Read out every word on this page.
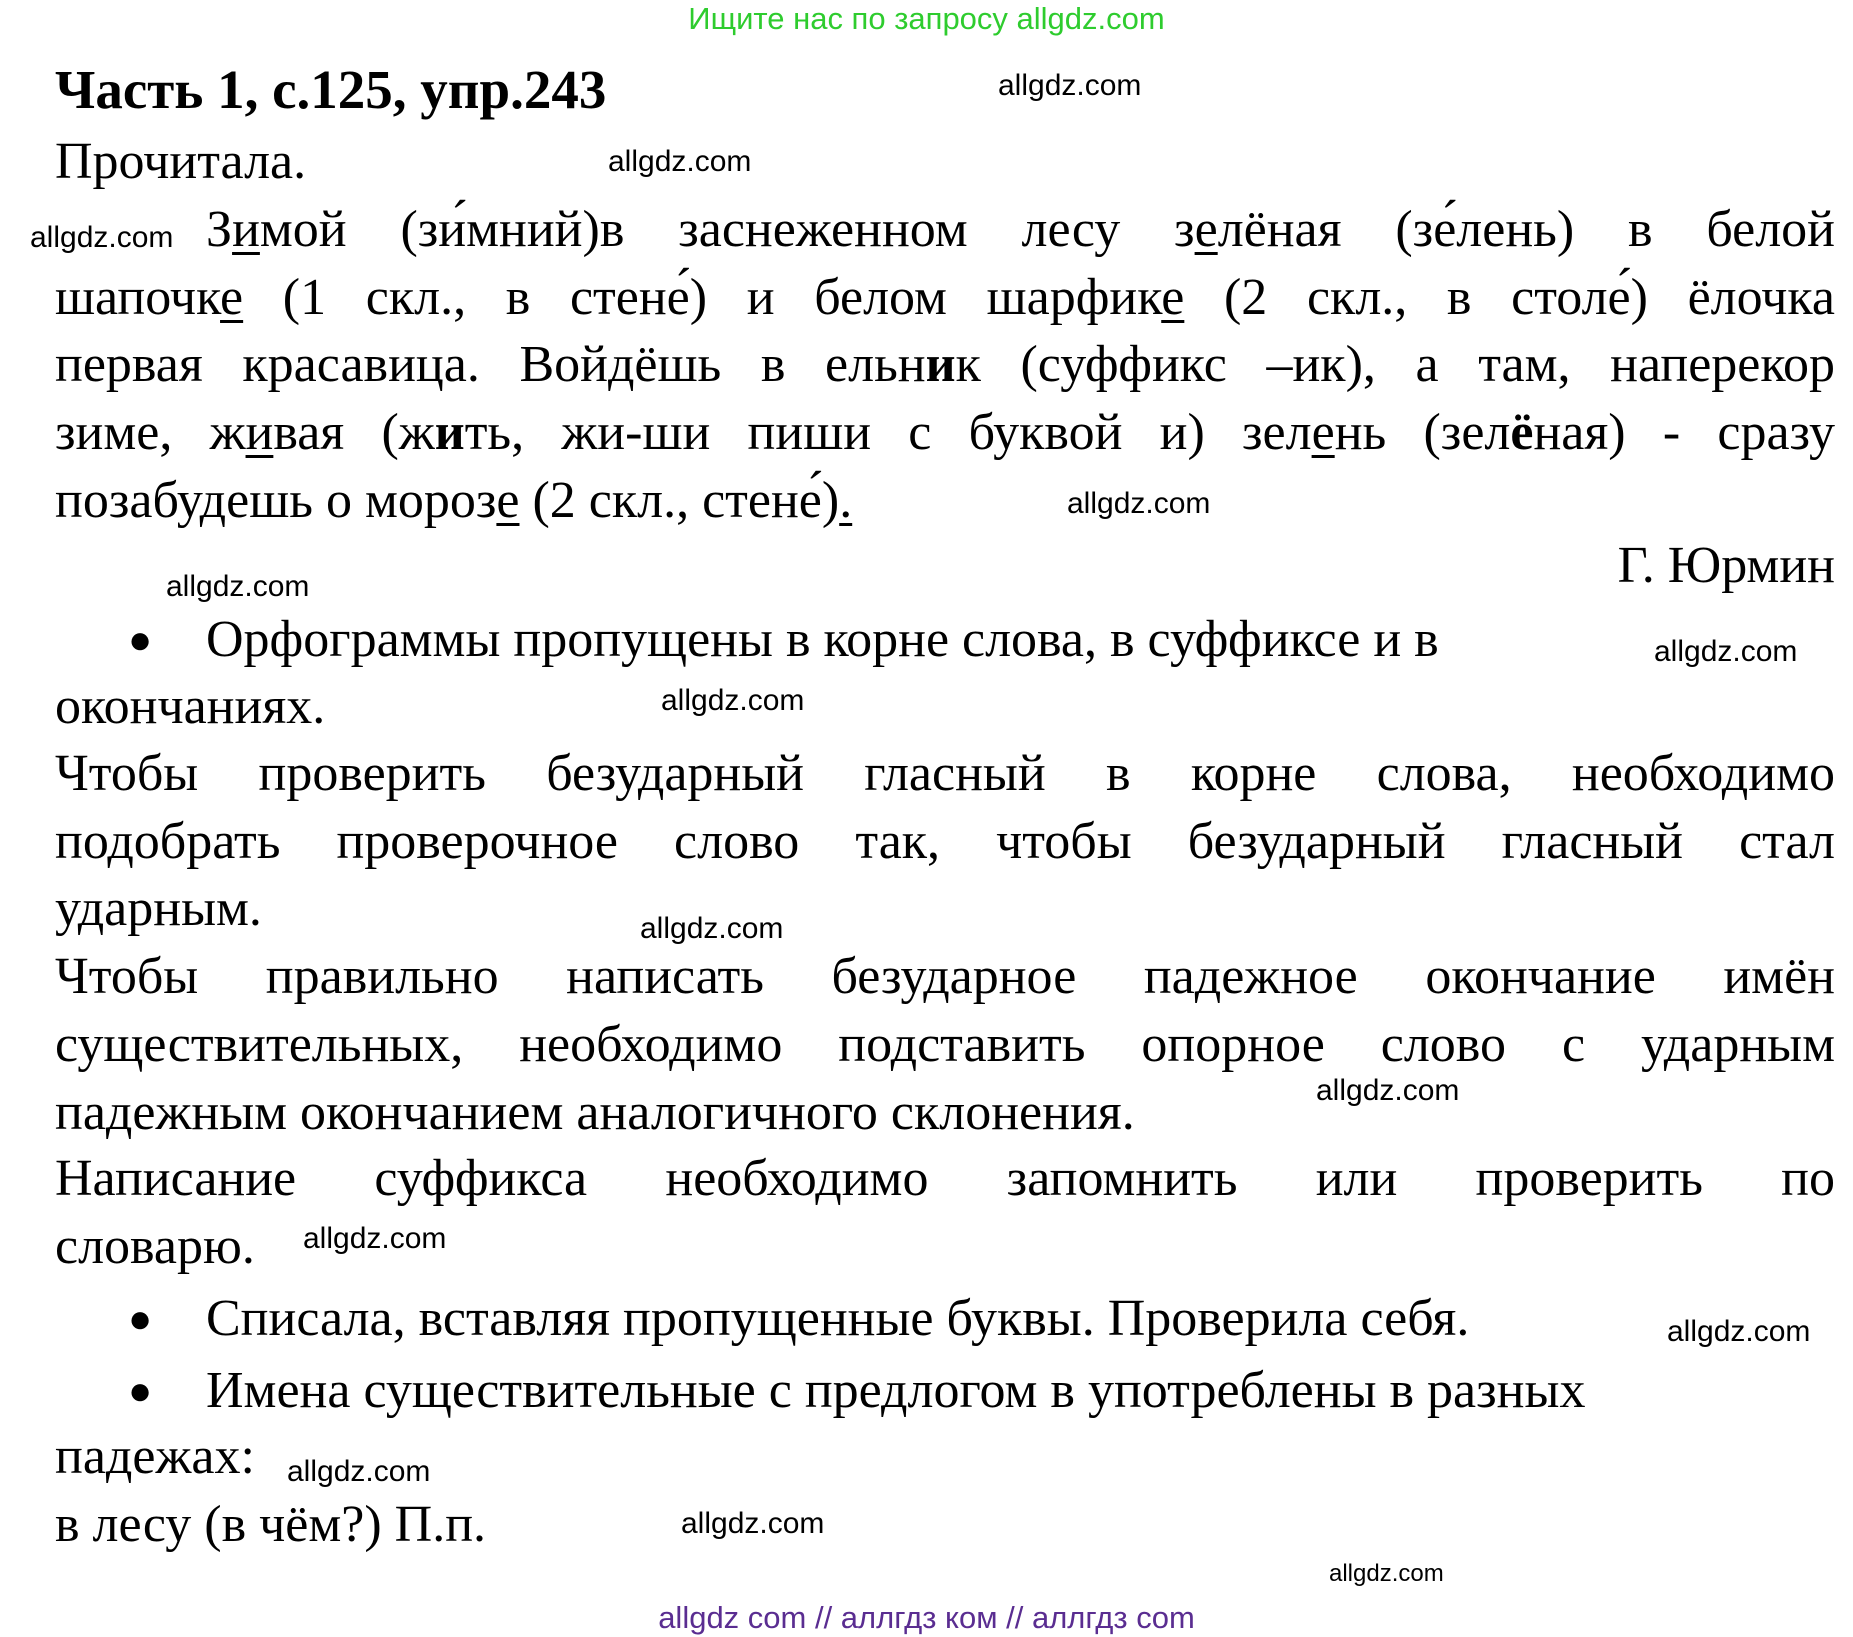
Ищите нас по запросу allgdz.com
Часть 1, с.125, упр.243
Прочитала.
Зимой (зи́мний)в заснеженном лесу зелёная (зе́лень) в белой
шапочке (1 скл., в стене́) и белом шарфике (2 скл., в столе́) ёлочка
первая красавица. Войдёшь в ельник (суффикс –ик), а там, наперекор
зиме, живая (жить, жи-ши пиши с буквой и) зелень (зелёная) - сразу
позабудешь о морозе (2 скл., стене́).
Г. Юрмин
Орфограммы пропущены в корне слова, в суффиксе и в
●
окончаниях.
Чтобы проверить безударный гласный в корне слова, необходимо
подобрать проверочное слово так, чтобы безударный гласный стал
ударным.
Чтобы правильно написать безударное падежное окончание имён
существительных, необходимо подставить опорное слово с ударным
падежным окончанием аналогичного склонения.
Написание суффикса необходимо запомнить или проверить по
словарю.
Списала, вставляя пропущенные буквы. Проверила себя.
●
Имена существительные с предлогом в употреблены в разных
●
падежах:
в лесу (в чём?) П.п.
allgdz.com
allgdz.com
allgdz.com
allgdz.com
allgdz.com
allgdz.com
allgdz.com
allgdz.com
allgdz.com
allgdz.com
allgdz.com
allgdz.com
allgdz.com
allgdz.com
allgdz com // аллгдз ком // аллгдз com
